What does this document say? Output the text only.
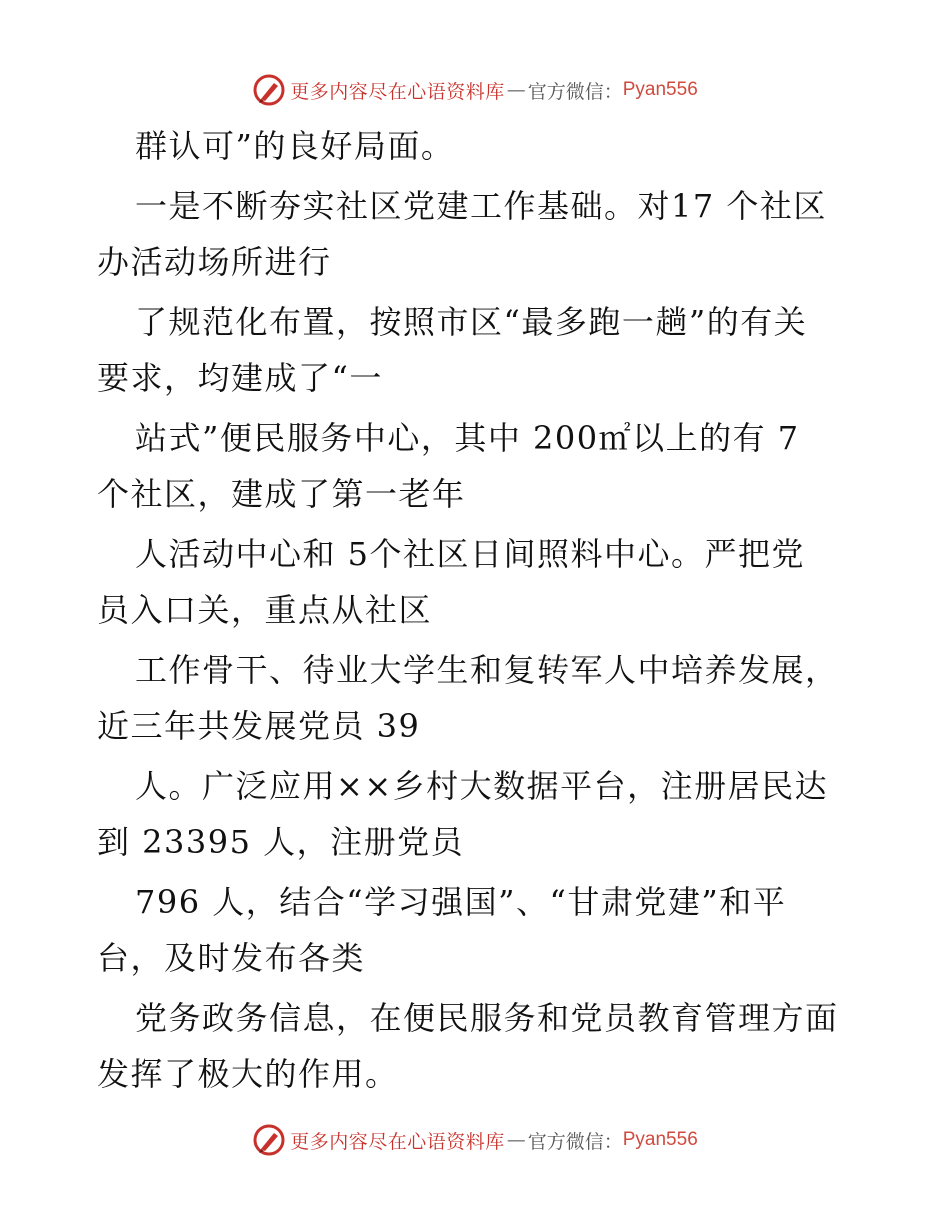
更多内容尽在心语资料库 — 官方微信： Pyan556
群认可”的良好局面。
一是不断夯实社区党建工作基础。对17 个社区
办活动场所进行
了规范化布置，按照市区“最多跑一趟”的有关
要求，均建成了“一
站式”便民服务中心，其中 200㎡以上的有 7
个社区，建成了第一老年
人活动中心和 5个社区日间照料中心。严把党
员入口关，重点从社区
工作骨干、待业大学生和复转军人中培养发展，
近三年共发展党员 39
人。广泛应用××乡村大数据平台，注册居民达
到 23395 人，注册党员
796 人，结合“学习强国”、“甘肃党建”和平
台，及时发布各类
党务政务信息，在便民服务和党员教育管理方面
发挥了极大的作用。
更多内容尽在心语资料库 — 官方微信： Pyan556
